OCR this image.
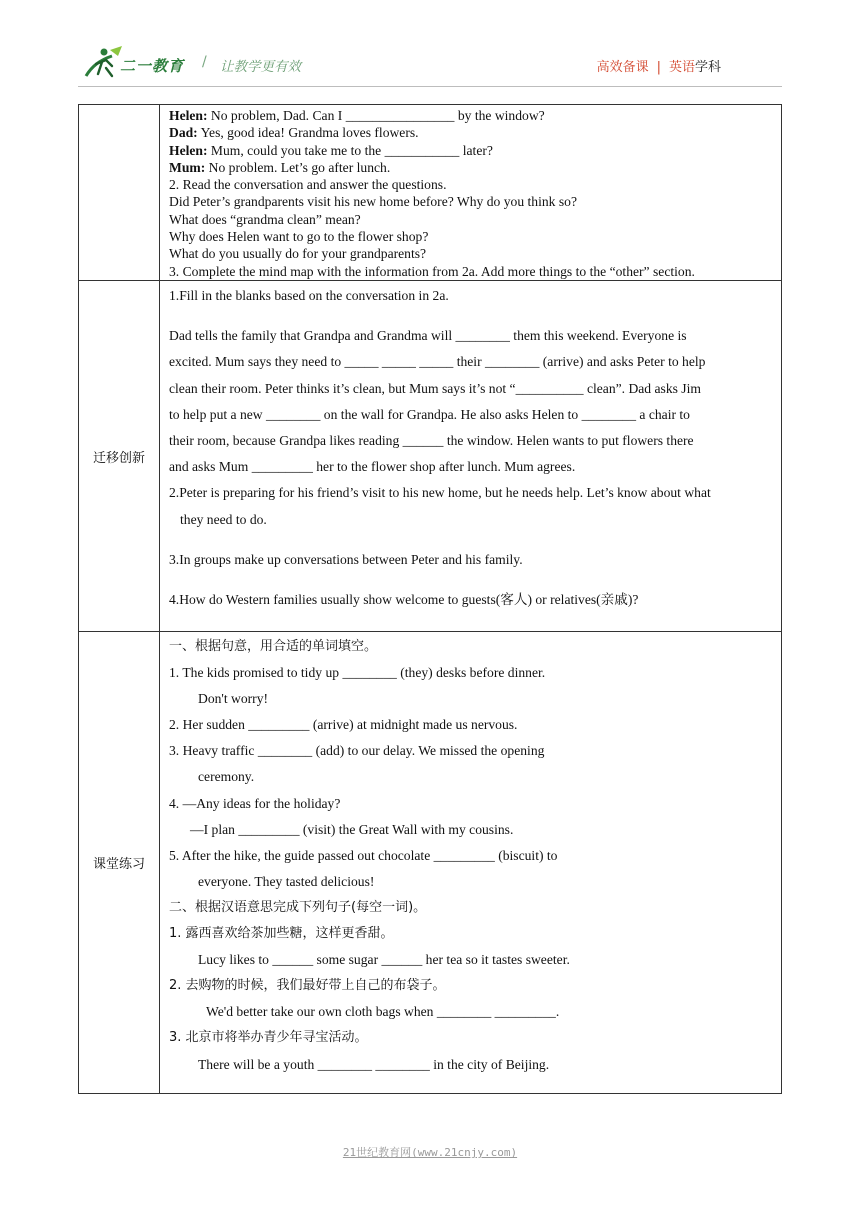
二一教育 / 让教学更有效	高效备课 | 英语学科

Helen: No problem, Dad. Can I ________________ by the window?

Dad: Yes, good idea! Grandma loves flowers.

Helen: Mum, could you take me to the ___________ later?

Mum: No problem. Let’s go after lunch.

2. Read the conversation and answer the questions.

Did Peter’s grandparents visit his new home before? Why do you think so?

What does “grandma clean” mean?

Why does Helen want to go to the flower shop?

What do you usually do for your grandparents?

3. Complete the mind map with the information from 2a. Add more things to the “other” section.

迁移创新

1.Fill in the blanks based on the conversation in 2a.

Dad tells the family that Grandpa and Grandma will ________ them this weekend. Everyone is

excited. Mum says they need to _____ _____ _____ their ________ (arrive) and asks Peter to help

clean their room. Peter thinks it’s clean, but Mum says it’s not “__________ clean”. Dad asks Jim

to help put a new ________ on the wall for Grandpa. He also asks Helen to ________ a chair to

their room, because Grandpa likes reading ______ the window. Helen wants to put flowers there

and asks Mum _________ her to the flower shop after lunch. Mum agrees.

2.Peter is preparing for his friend’s visit to his new home, but he needs help. Let’s know about what

they need to do.

3.In groups make up conversations between Peter and his family.

4.How do Western families usually show welcome to guests(客人) or relatives(亲戚)?

课堂练习

一、根据句意，用合适的单词填空。

1. The kids promised to tidy up ________ (they) desks before dinner.

Don't worry!

2. Her sudden _________ (arrive) at midnight made us nervous.

3. Heavy traffic ________ (add) to our delay. We missed the opening

ceremony.

4. —Any ideas for the holiday?

—I plan _________ (visit) the Great Wall with my cousins.

5. After the hike, the guide passed out chocolate _________ (biscuit) to

everyone. They tasted delicious!

二、根据汉语意思完成下列句子(每空一词)。

1. 露西喜欢给茶加些糖，这样更香甜。

Lucy likes to ______ some sugar ______ her tea so it tastes sweeter.

2. 去购物的时候，我们最好带上自己的布袋子。

We'd better take our own cloth bags when ________ _________.

3. 北京市将举办青少年寻宝活动。

There will be a youth ________ ________ in the city of Beijing.

21世纪教育网(www.21cnjy.com)
